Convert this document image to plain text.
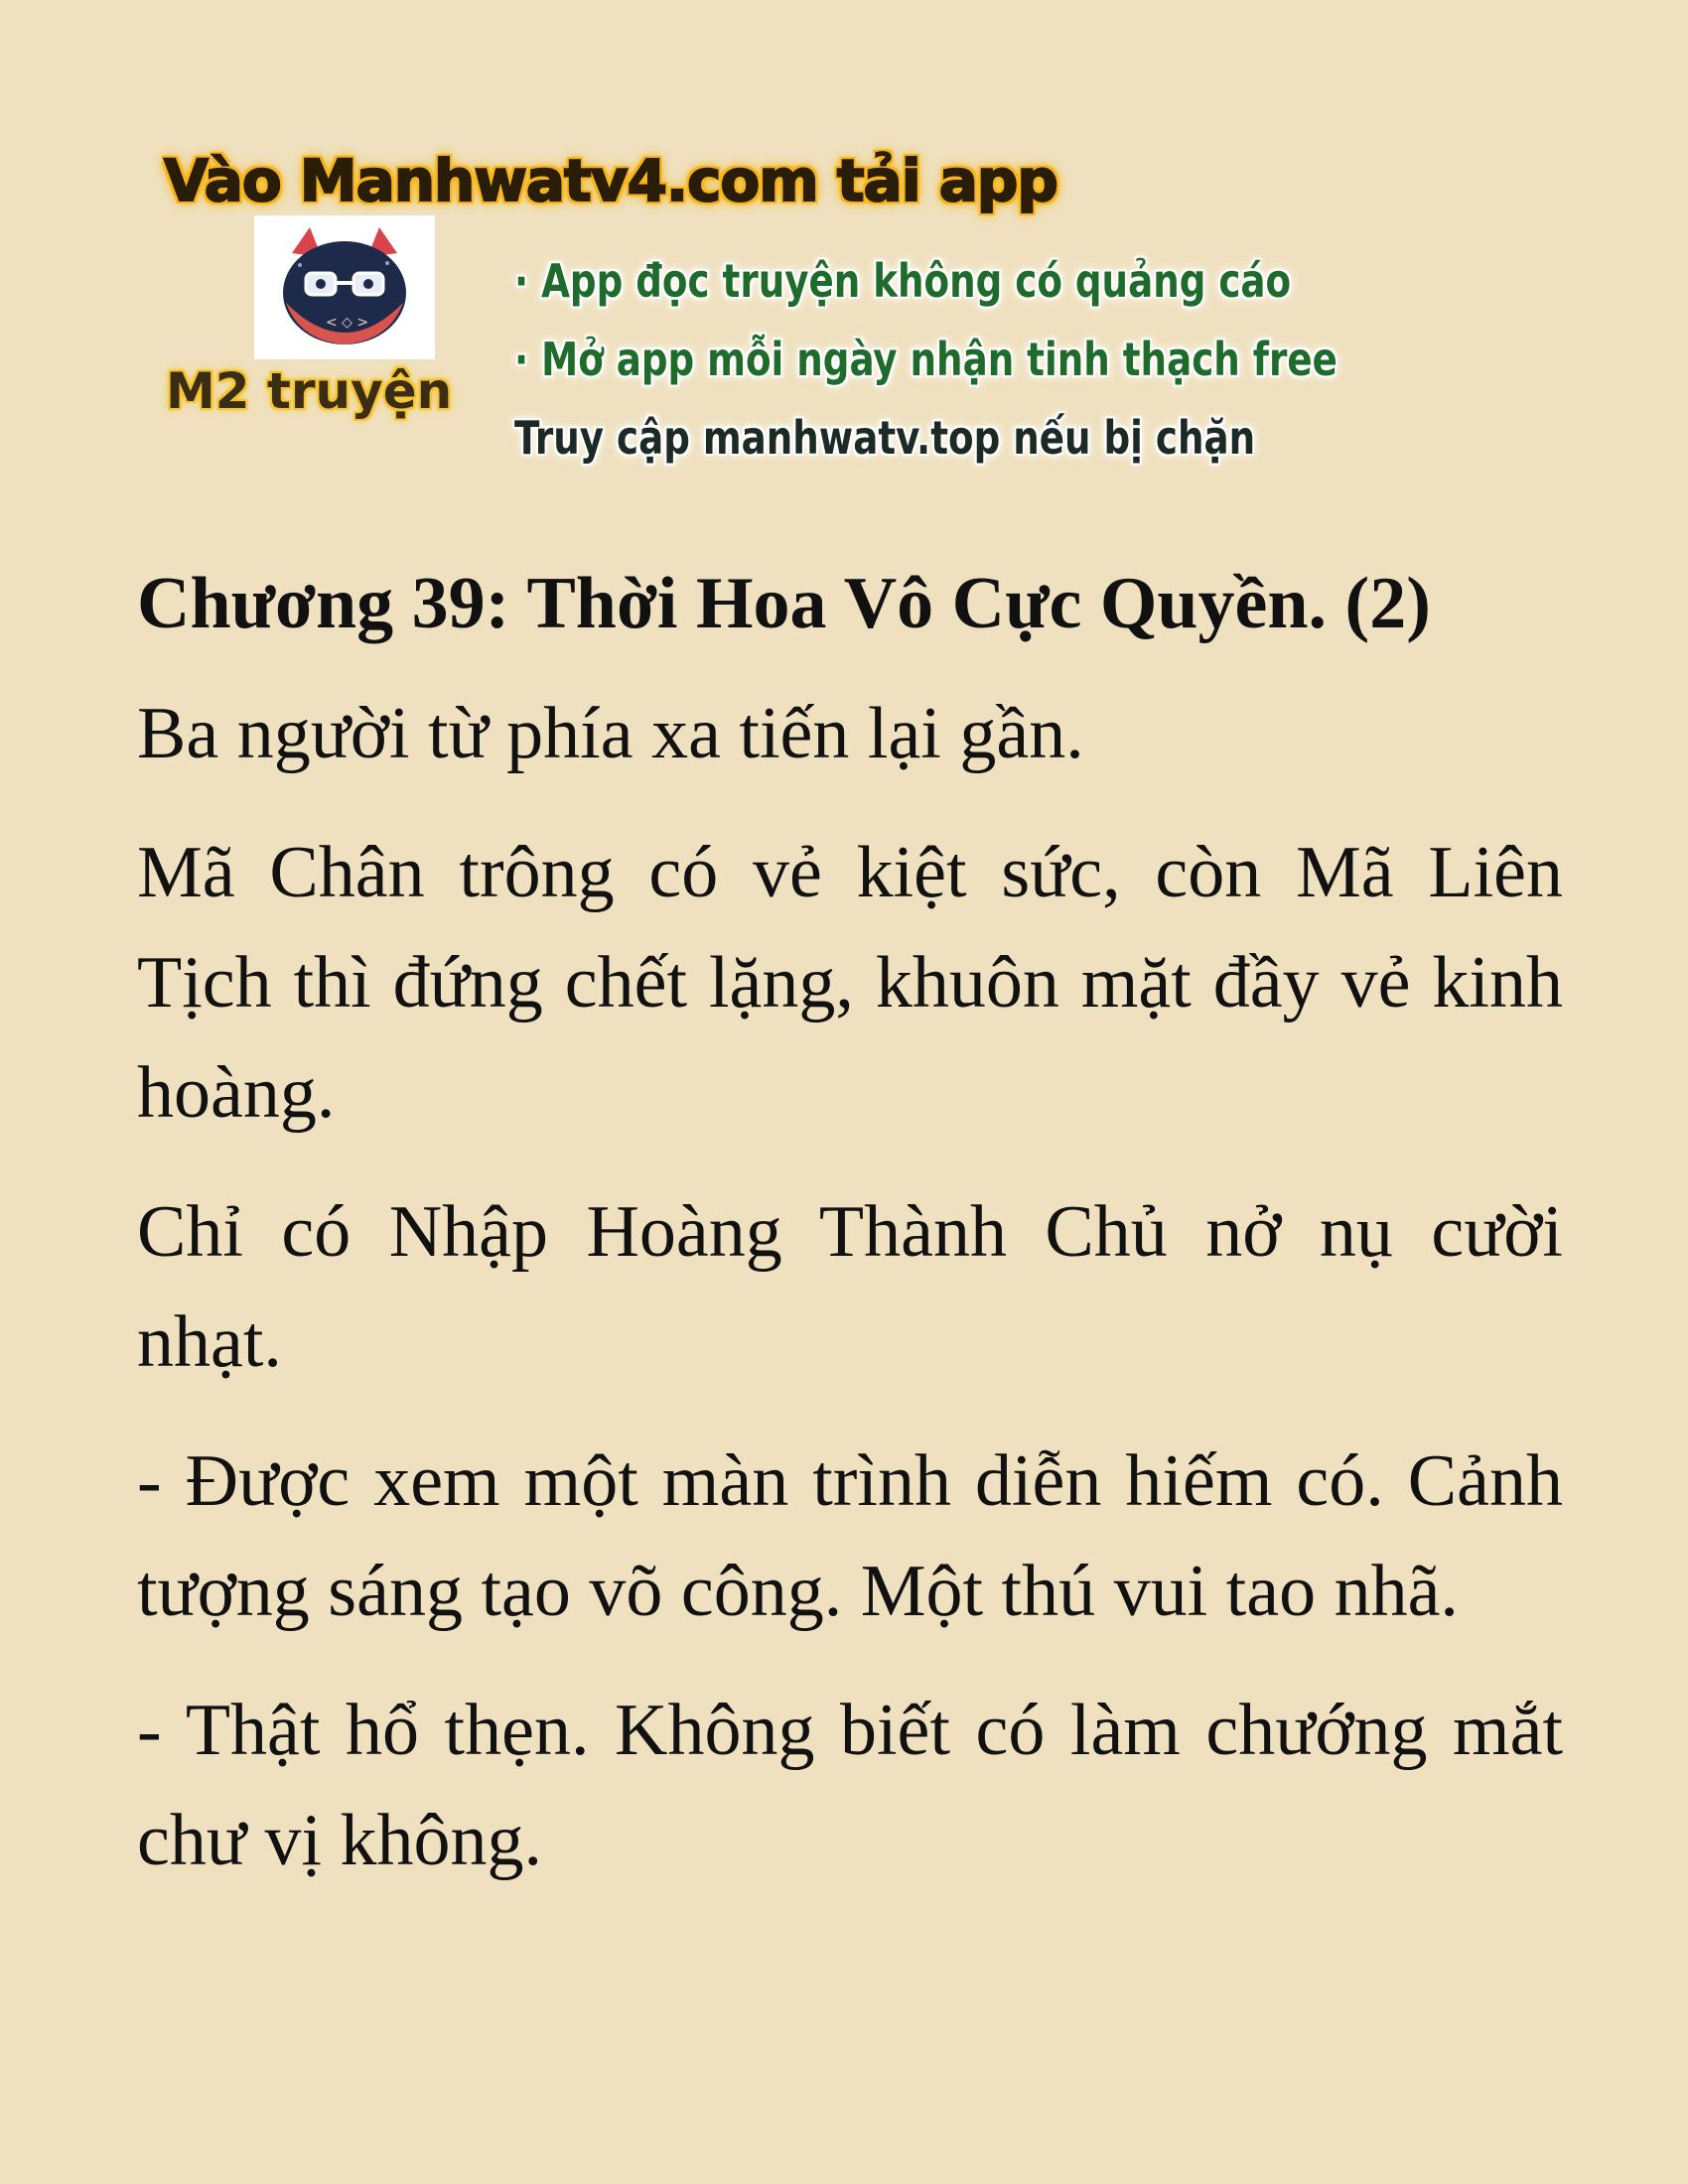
Vào Manhwatv4.com tải app
< ◇ >
M2 truyện
· App đọc truyện không có quảng cáo
· Mở app mỗi ngày nhận tinh thạch free
Truy cập manhwatv.top nếu bị chặn
Chương 39: Thời Hoa Vô Cực Quyền. (2)

Ba người từ phía xa tiến lại gần.

Mã Chân trông có vẻ kiệt sức, còn Mã Liên Tịch thì đứng chết lặng, khuôn mặt đầy vẻ kinh hoàng.

Chỉ có Nhập Hoàng Thành Chủ nở nụ cười nhạt.

- Được xem một màn trình diễn hiếm có. Cảnh tượng sáng tạo võ công. Một thú vui tao nhã.

- Thật hổ thẹn. Không biết có làm chướng mắt chư vị không.
